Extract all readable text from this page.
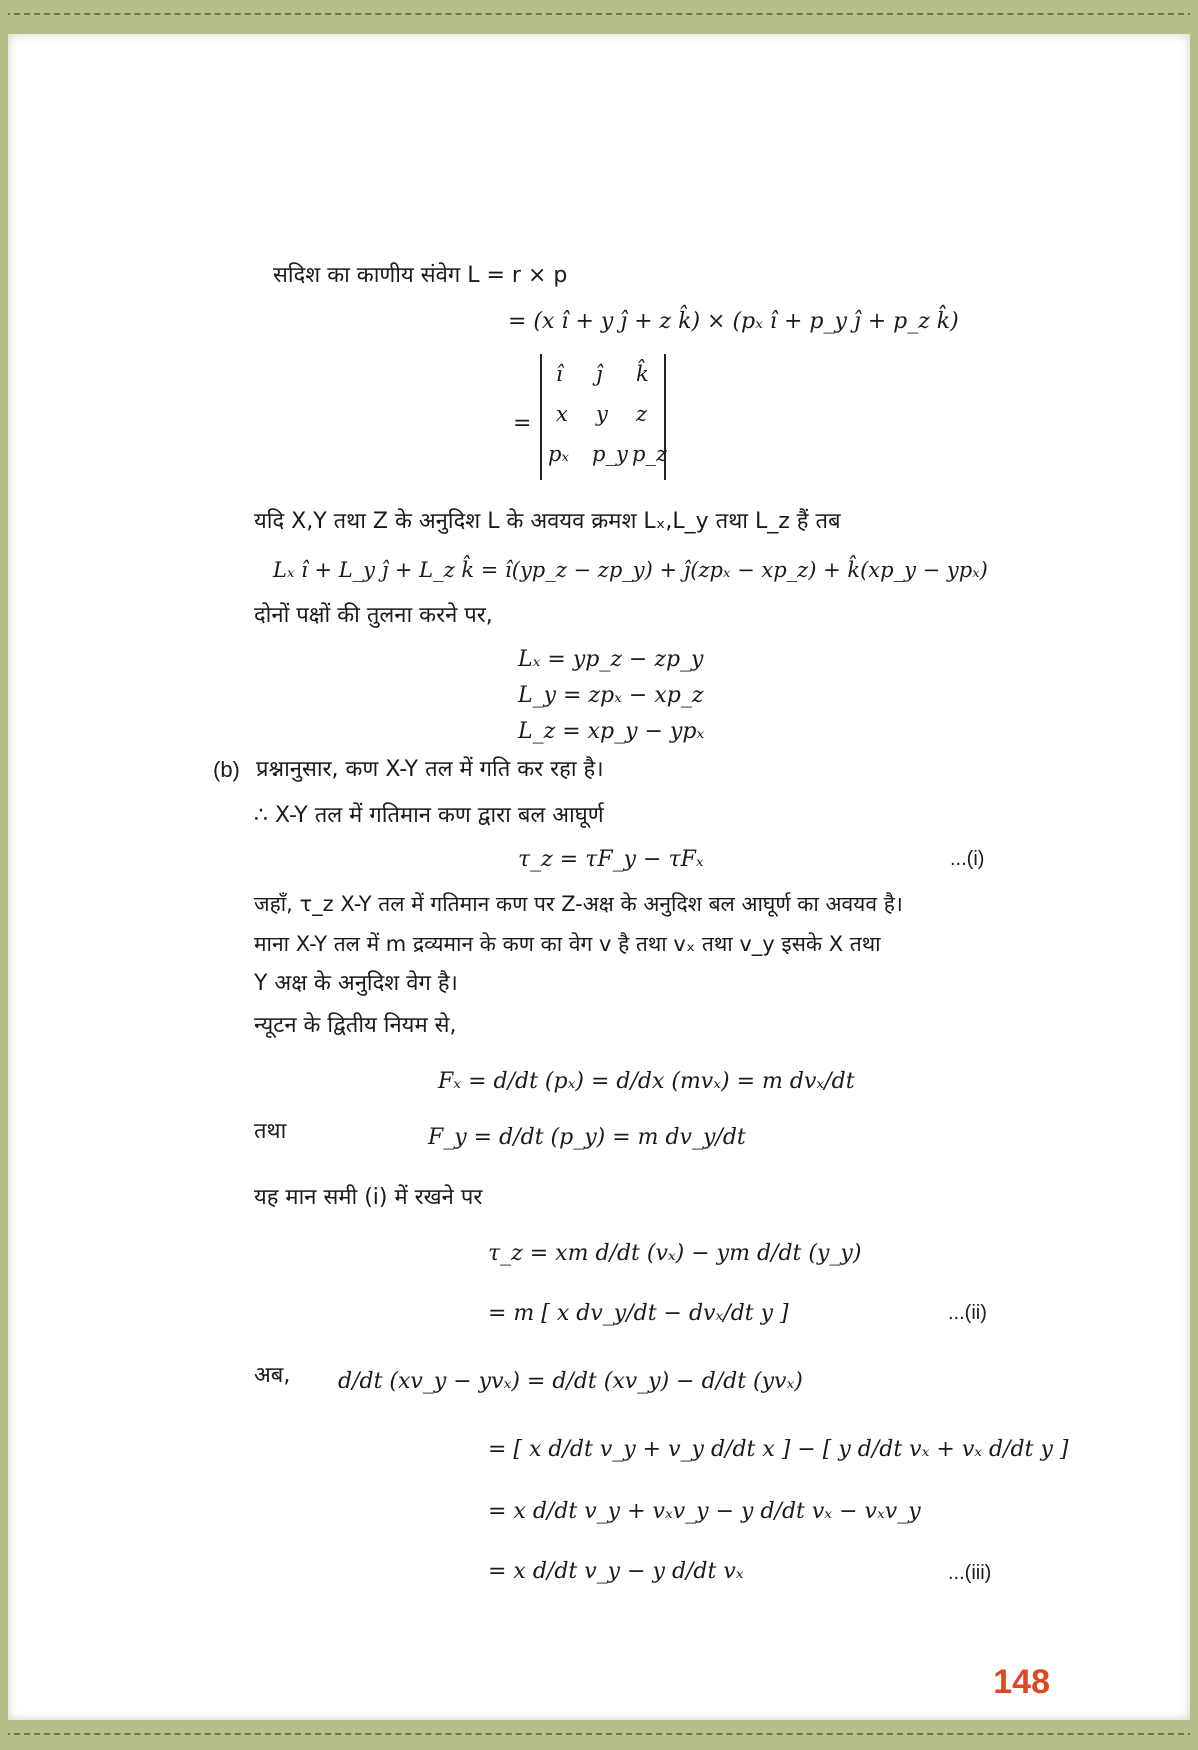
सदिश का काणीय संवेग L = r × p
= (x î + y ĵ + z k̂) × (pₓ î + p_y ĵ + p_z k̂)
=
î ĵ k̂
x y z
pₓ p_y p_z
यदि X,Y तथा Z के अनुदिश L के अवयव क्रमश Lₓ,L_y तथा L_z हैं तब
Lₓ î + L_y ĵ + L_z k̂ = î(yp_z − zp_y) + ĵ(zpₓ − xp_z) + k̂(xp_y − ypₓ)
दोनों पक्षों की तुलना करने पर,
Lₓ = yp_z − zp_y
L_y = zpₓ − xp_z
L_z = xp_y − ypₓ
(b) प्रश्नानुसार, कण X-Y तल में गति कर रहा है।
∴ X-Y तल में गतिमान कण द्वारा बल आघूर्ण
τ_z = τF_y − τFₓ	...(i)
जहाँ, τ_z X-Y तल में गतिमान कण पर Z-अक्ष के अनुदिश बल आघूर्ण का अवयव है।
माना X-Y तल में m द्रव्यमान के कण का वेग v है तथा vₓ तथा v_y इसके X तथा
Y अक्ष के अनुदिश वेग है।
न्यूटन के द्वितीय नियम से,
Fₓ = d/dt (pₓ) = d/dx (mvₓ) = m dvₓ/dt
तथा	F_y = d/dt (p_y) = m dv_y/dt
यह मान समी (i) में रखने पर
τ_z = xm d/dt (vₓ) − ym d/dt (y_y)
= m [ x dv_y/dt − dvₓ/dt y ]	...(ii)
अब, d/dt (xv_y − yvₓ) = d/dt (xv_y) − d/dt (yvₓ)
= [ x d/dt v_y + v_y d/dt x ] − [ y d/dt vₓ + vₓ d/dt y ]
= x d/dt v_y + vₓv_y − y d/dt vₓ − vₓv_y
= x d/dt v_y − y d/dt vₓ	...(iii)
148
